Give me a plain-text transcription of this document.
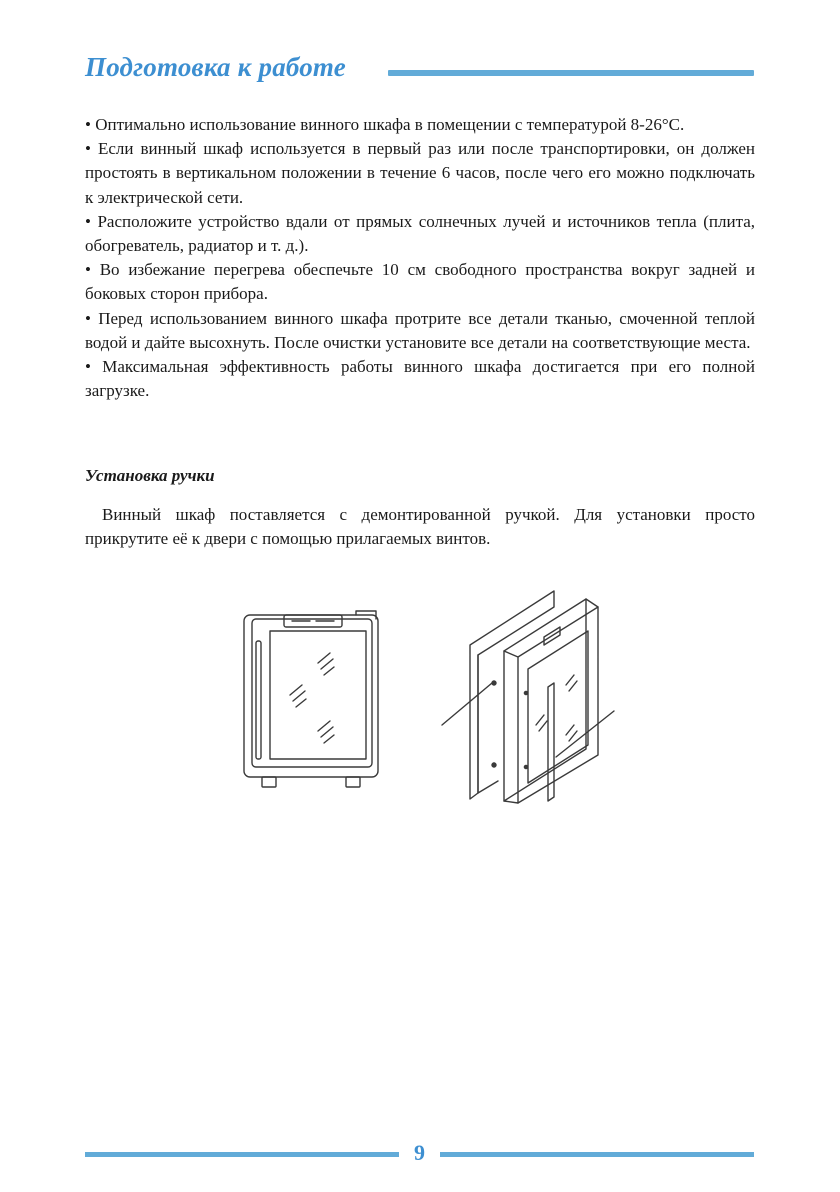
Подготовка к работе

• Оптимально использование винного шкафа в помещении с температурой 8-26°С.

• Если винный шкаф используется в первый раз или после транспортировки, он должен простоять в вертикальном положении в течение 6 часов, после чего его можно подключать к электрической сети.

• Расположите устройство вдали от прямых солнечных лучей и источников тепла (плита, обогреватель, радиатор и т. д.).

• Во избежание перегрева обеспечьте 10 см свободного пространства вокруг задней и боковых сторон прибора.

• Перед использованием винного шкафа протрите все детали тканью, смоченной теплой водой и дайте высохнуть. После очистки установите все детали на соответствующие места.

• Максимальная эффективность работы винного шкафа достигается при его полной загрузке.

Установка ручки

Винный шкаф поставляется с демонтированной ручкой. Для установки просто прикрутите её к двери с помощью прилагаемых винтов.

9
